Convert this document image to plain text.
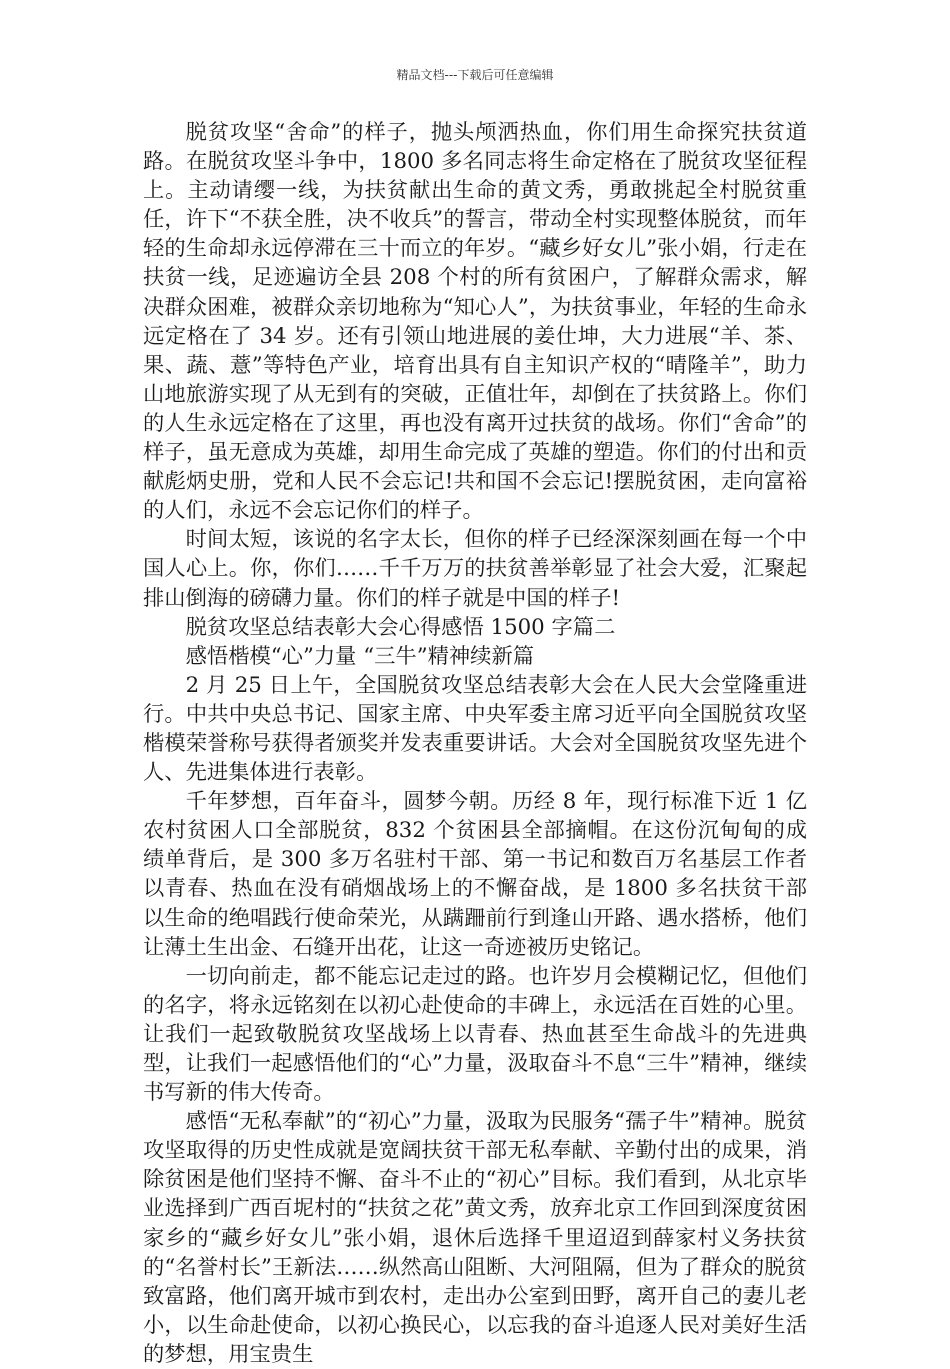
精品文档---下载后可任意编辑

脱贫攻坚“舍命”的样子，抛头颅洒热血，你们用生命探究扶贫道路。在脱贫攻坚斗争中，1800 多名同志将生命定格在了脱贫攻坚征程上。主动请缨一线，为扶贫献出生命的黄文秀，勇敢挑起全村脱贫重任，许下“不获全胜，决不收兵”的誓言，带动全村实现整体脱贫，而年轻的生命却永远停滞在三十而立的年岁。“藏乡好女儿”张小娟，行走在扶贫一线，足迹遍访全县 208 个村的所有贫困户，了解群众需求，解决群众困难，被群众亲切地称为“知心人”，为扶贫事业，年轻的生命永远定格在了 34 岁。还有引领山地进展的姜仕坤，大力进展“羊、茶、果、蔬、薏”等特色产业，培育出具有自主知识产权的“晴隆羊”，助力山地旅游实现了从无到有的突破，正值壮年，却倒在了扶贫路上。你们的人生永远定格在了这里，再也没有离开过扶贫的战场。你们“舍命”的样子，虽无意成为英雄，却用生命完成了英雄的塑造。你们的付出和贡献彪炳史册，党和人民不会忘记!共和国不会忘记!摆脱贫困，走向富裕的人们，永远不会忘记你们的样子。

时间太短，该说的名字太长，但你的样子已经深深刻画在每一个中国人心上。你，你们……千千万万的扶贫善举彰显了社会大爱，汇聚起排山倒海的磅礴力量。你们的样子就是中国的样子!

脱贫攻坚总结表彰大会心得感悟 1500 字篇二

感悟楷模“心”力量 “三牛”精神续新篇

2 月 25 日上午，全国脱贫攻坚总结表彰大会在人民大会堂隆重进行。中共中央总书记、国家主席、中央军委主席习近平向全国脱贫攻坚楷模荣誉称号获得者颁奖并发表重要讲话。大会对全国脱贫攻坚先进个人、先进集体进行表彰。

千年梦想，百年奋斗，圆梦今朝。历经 8 年，现行标准下近 1 亿农村贫困人口全部脱贫，832 个贫困县全部摘帽。在这份沉甸甸的成绩单背后，是 300 多万名驻村干部、第一书记和数百万名基层工作者以青春、热血在没有硝烟战场上的不懈奋战，是 1800 多名扶贫干部以生命的绝唱践行使命荣光，从蹒跚前行到逢山开路、遇水搭桥，他们让薄土生出金、石缝开出花，让这一奇迹被历史铭记。

一切向前走，都不能忘记走过的路。也许岁月会模糊记忆，但他们的名字，将永远铭刻在以初心赴使命的丰碑上，永远活在百姓的心里。让我们一起致敬脱贫攻坚战场上以青春、热血甚至生命战斗的先进典型，让我们一起感悟他们的“心”力量，汲取奋斗不息“三牛”精神，继续书写新的伟大传奇。

感悟“无私奉献”的“初心”力量，汲取为民服务“孺子牛”精神。脱贫攻坚取得的历史性成就是宽阔扶贫干部无私奉献、辛勤付出的成果，消除贫困是他们坚持不懈、奋斗不止的“初心”目标。我们看到，从北京毕业选择到广西百坭村的“扶贫之花”黄文秀，放弃北京工作回到深度贫困家乡的“藏乡好女儿”张小娟，退休后选择千里迢迢到薛家村义务扶贫的“名誉村长”王新法……纵然高山阻断、大河阻隔，但为了群众的脱贫致富路，他们离开城市到农村，走出办公室到田野，离开自己的妻儿老小，以生命赴使命，以初心换民心，以忘我的奋斗追逐人民对美好生活的梦想，用宝贵生
